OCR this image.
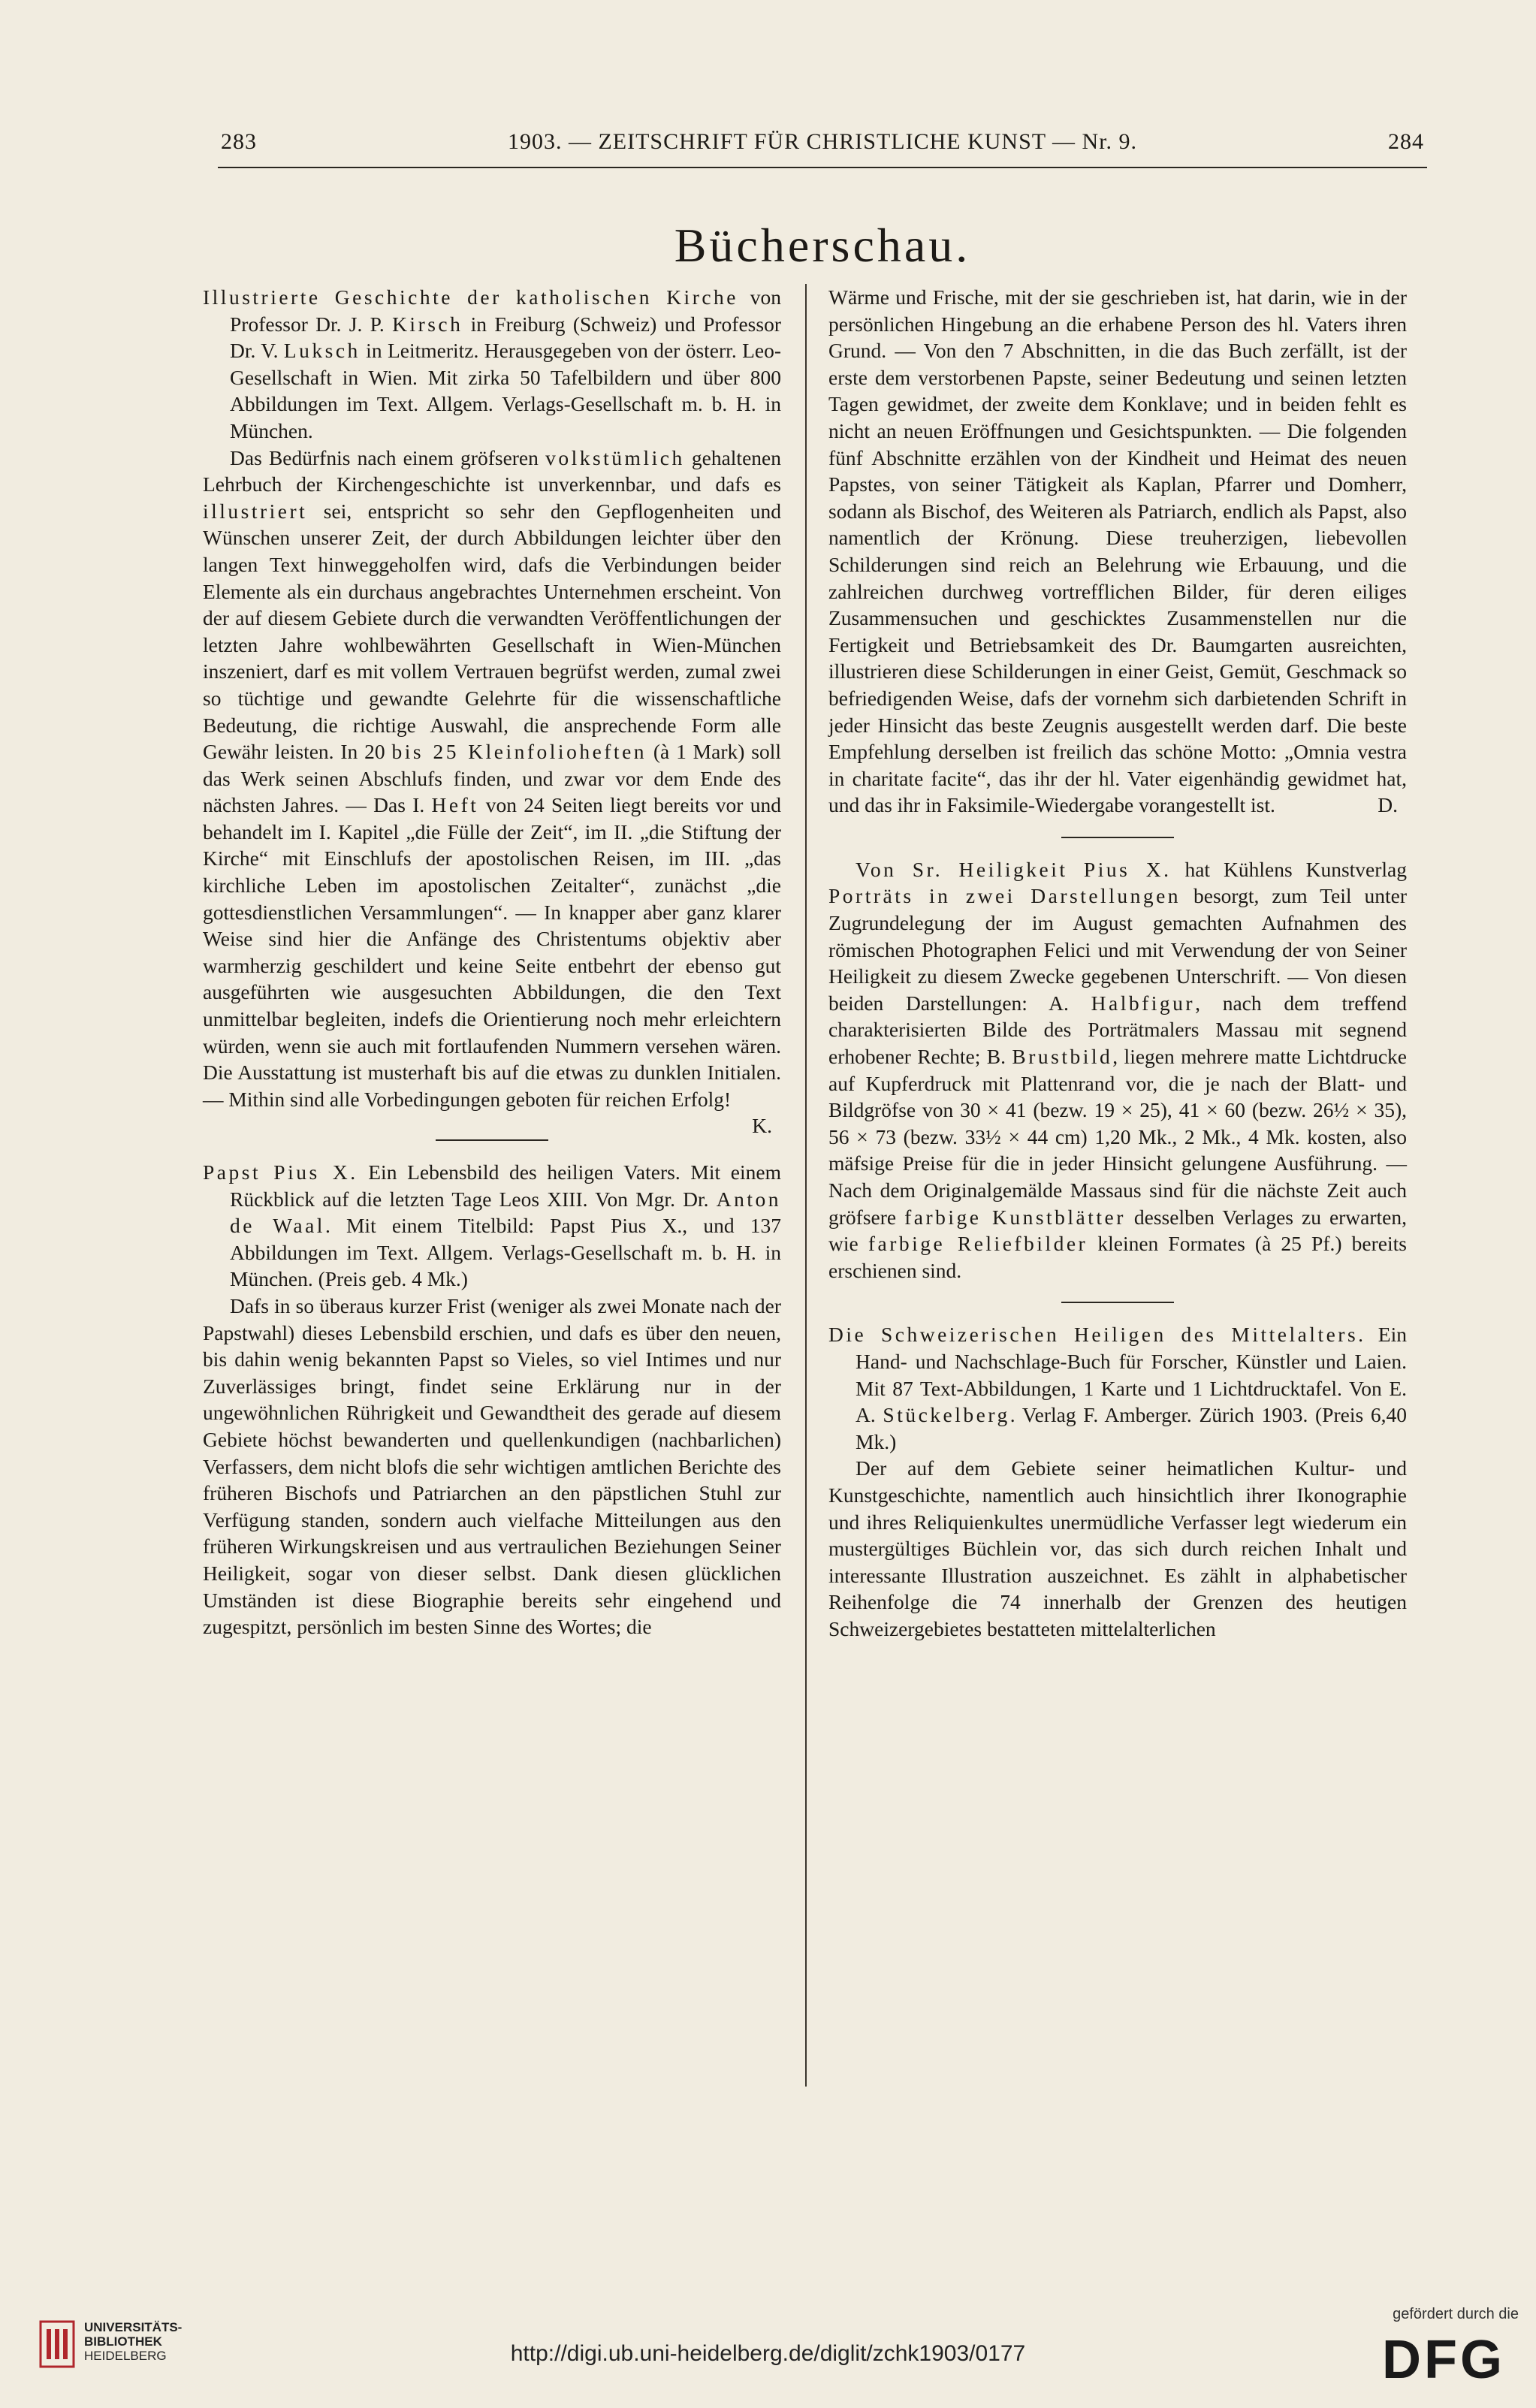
283	1903. — ZEITSCHRIFT FÜR CHRISTLICHE KUNST — Nr. 9.	284
Bücherschau.

Illustrierte Geschichte der katholischen Kirche von Professor Dr. J. P. Kirsch in Freiburg (Schweiz) und Professor Dr. V. Luksch in Leitmeritz. Herausgegeben von der österr. Leo-Gesellschaft in Wien. Mit zirka 50 Tafelbildern und über 800 Abbildungen im Text. Allgem. Verlags-Gesellschaft m. b. H. in München.

Das Bedürfnis nach einem gröfseren volkstümlich gehaltenen Lehrbuch der Kirchengeschichte ist unverkennbar, und dafs es illustriert sei, entspricht so sehr den Gepflogenheiten und Wünschen unserer Zeit, der durch Abbildungen leichter über den langen Text hinweggeholfen wird, dafs die Verbindungen beider Elemente als ein durchaus angebrachtes Unternehmen erscheint. Von der auf diesem Gebiete durch die verwandten Veröffentlichungen der letzten Jahre wohlbewährten Gesellschaft in Wien-München inszeniert, darf es mit vollem Vertrauen begrüfst werden, zumal zwei so tüchtige und gewandte Gelehrte für die wissenschaftliche Bedeutung, die richtige Auswahl, die ansprechende Form alle Gewähr leisten. In 20 bis 25 Kleinfolioheften (à 1 Mark) soll das Werk seinen Abschlufs finden, und zwar vor dem Ende des nächsten Jahres. — Das I. Heft von 24 Seiten liegt bereits vor und behandelt im I. Kapitel „die Fülle der Zeit“, im II. „die Stiftung der Kirche“ mit Einschlufs der apostolischen Reisen, im III. „das kirchliche Leben im apostolischen Zeitalter“, zunächst „die gottesdienstlichen Versammlungen“. — In knapper aber ganz klarer Weise sind hier die Anfänge des Christentums objektiv aber warmherzig geschildert und keine Seite entbehrt der ebenso gut ausgeführten wie ausgesuchten Abbildungen, die den Text unmittelbar begleiten, indefs die Orientierung noch mehr erleichtern würden, wenn sie auch mit fortlaufenden Nummern versehen wären. Die Ausstattung ist musterhaft bis auf die etwas zu dunklen Initialen. — Mithin sind alle Vorbedingungen geboten für reichen Erfolg!
K.

Papst Pius X. Ein Lebensbild des heiligen Vaters. Mit einem Rückblick auf die letzten Tage Leos XIII. Von Mgr. Dr. Anton de Waal. Mit einem Titelbild: Papst Pius X., und 137 Abbildungen im Text. Allgem. Verlags-Gesellschaft m. b. H. in München. (Preis geb. 4 Mk.)

Dafs in so überaus kurzer Frist (weniger als zwei Monate nach der Papstwahl) dieses Lebensbild erschien, und dafs es über den neuen, bis dahin wenig bekannten Papst so Vieles, so viel Intimes und nur Zuverlässiges bringt, findet seine Erklärung nur in der ungewöhnlichen Rührigkeit und Gewandtheit des gerade auf diesem Gebiete höchst bewanderten und quellenkundigen (nachbarlichen) Verfassers, dem nicht blofs die sehr wichtigen amtlichen Berichte des früheren Bischofs und Patriarchen an den päpstlichen Stuhl zur Verfügung standen, sondern auch vielfache Mitteilungen aus den früheren Wirkungskreisen und aus vertraulichen Beziehungen Seiner Heiligkeit, sogar von dieser selbst. Dank diesen glücklichen Umständen ist diese Biographie bereits sehr eingehend und zugespitzt, persönlich im besten Sinne des Wortes; die

Wärme und Frische, mit der sie geschrieben ist, hat darin, wie in der persönlichen Hingebung an die erhabene Person des hl. Vaters ihren Grund. — Von den 7 Abschnitten, in die das Buch zerfällt, ist der erste dem verstorbenen Papste, seiner Bedeutung und seinen letzten Tagen gewidmet, der zweite dem Konklave; und in beiden fehlt es nicht an neuen Eröffnungen und Gesichtspunkten. — Die folgenden fünf Abschnitte erzählen von der Kindheit und Heimat des neuen Papstes, von seiner Tätigkeit als Kaplan, Pfarrer und Domherr, sodann als Bischof, des Weiteren als Patriarch, endlich als Papst, also namentlich der Krönung. Diese treuherzigen, liebevollen Schilderungen sind reich an Belehrung wie Erbauung, und die zahlreichen durchweg vortrefflichen Bilder, für deren eiliges Zusammensuchen und geschicktes Zusammenstellen nur die Fertigkeit und Betriebsamkeit des Dr. Baumgarten ausreichten, illustrieren diese Schilderungen in einer Geist, Gemüt, Geschmack so befriedigenden Weise, dafs der vornehm sich darbietenden Schrift in jeder Hinsicht das beste Zeugnis ausgestellt werden darf. Die beste Empfehlung derselben ist freilich das schöne Motto: „Omnia vestra in charitate facite“, das ihr der hl. Vater eigenhändig gewidmet hat, und das ihr in Faksimile-Wiedergabe vorangestellt ist.	D.

Von Sr. Heiligkeit Pius X. hat Kühlens Kunstverlag Porträts in zwei Darstellungen besorgt, zum Teil unter Zugrundelegung der im August gemachten Aufnahmen des römischen Photographen Felici und mit Verwendung der von Seiner Heiligkeit zu diesem Zwecke gegebenen Unterschrift. — Von diesen beiden Darstellungen: A. Halbfigur, nach dem treffend charakterisierten Bilde des Porträtmalers Massau mit segnend erhobener Rechte; B. Brustbild, liegen mehrere matte Lichtdrucke auf Kupferdruck mit Plattenrand vor, die je nach der Blatt- und Bildgröfse von 30 × 41 (bezw. 19 × 25), 41 × 60 (bezw. 26½ × 35), 56 × 73 (bezw. 33½ × 44 cm) 1,20 Mk., 2 Mk., 4 Mk. kosten, also mäfsige Preise für die in jeder Hinsicht gelungene Ausführung. — Nach dem Originalgemälde Massaus sind für die nächste Zeit auch gröfsere farbige Kunstblätter desselben Verlages zu erwarten, wie farbige Reliefbilder kleinen Formates (à 25 Pf.) bereits erschienen sind.

Die Schweizerischen Heiligen des Mittelalters. Ein Hand- und Nachschlage-Buch für Forscher, Künstler und Laien. Mit 87 Text-Abbildungen, 1 Karte und 1 Lichtdrucktafel. Von E. A. Stückelberg. Verlag F. Amberger. Zürich 1903. (Preis 6,40 Mk.)

Der auf dem Gebiete seiner heimatlichen Kultur- und Kunstgeschichte, namentlich auch hinsichtlich ihrer Ikonographie und ihres Reliquienkultes unermüdliche Verfasser legt wiederum ein mustergültiges Büchlein vor, das sich durch reichen Inhalt und interessante Illustration auszeichnet. Es zählt in alphabetischer Reihenfolge die 74 innerhalb der Grenzen des heutigen Schweizergebietes bestatteten mittelalterlichen

UNIVERSITÄTS-
BIBLIOTHEK
HEIDELBERG	http://digi.ub.uni-heidelberg.de/diglit/zchk1903/0177
gefördert durch die
DFG
